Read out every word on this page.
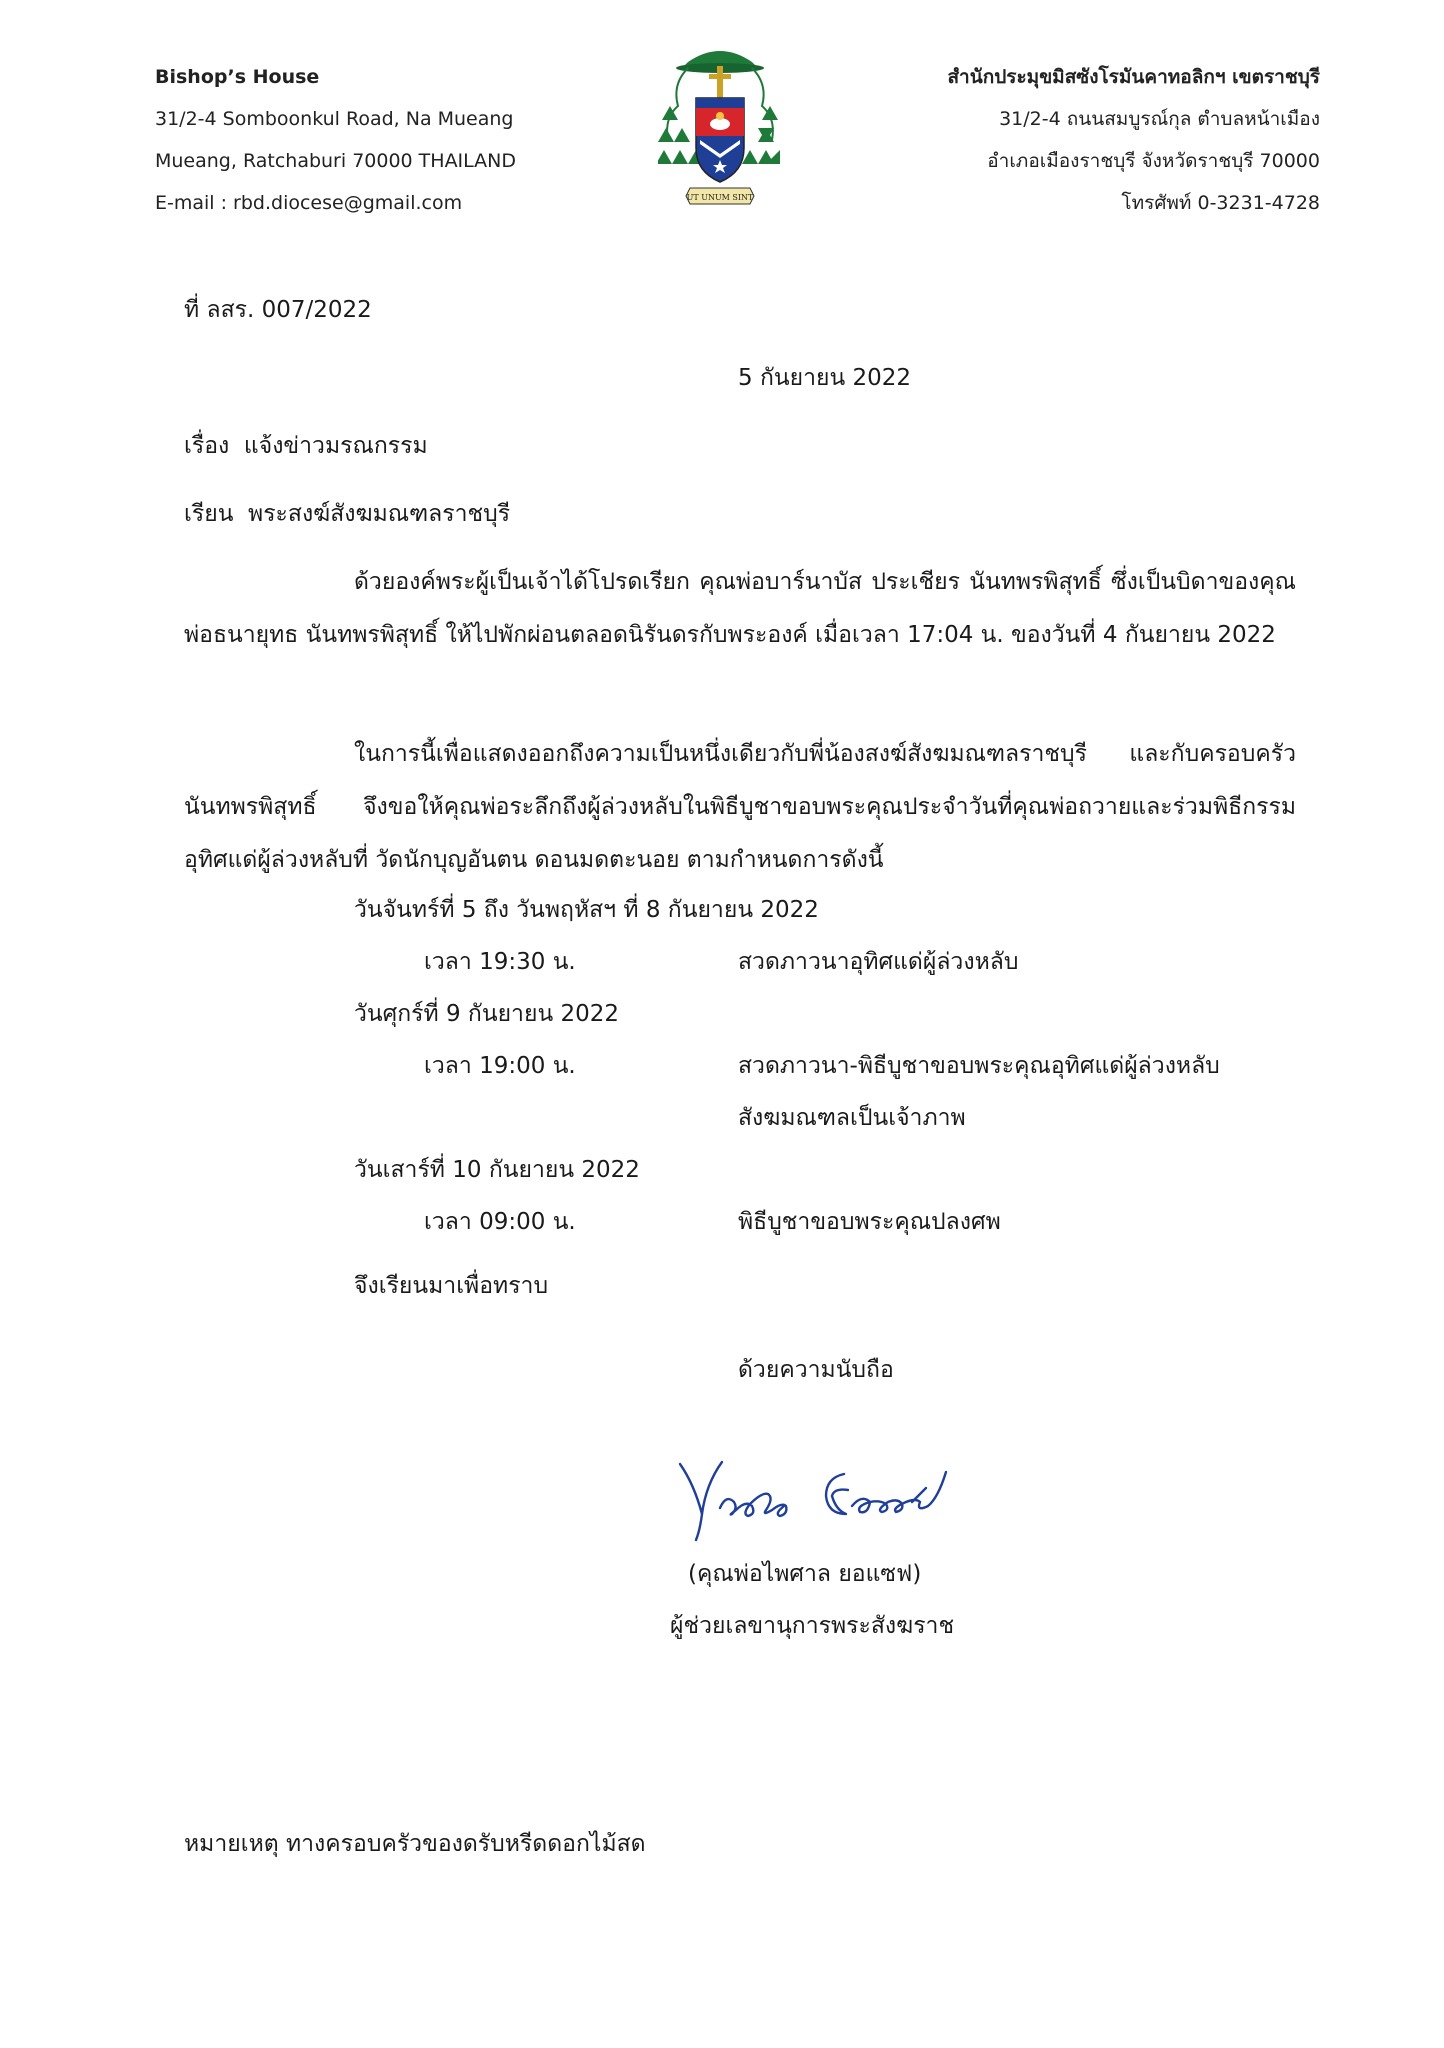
Bishop’s House
31/2-4 Somboonkul Road, Na Mueang
Mueang, Ratchaburi 70000 THAILAND
E-mail : rbd.diocese@gmail.com	UT UNUM SINT
สำนักประมุขมิสซังโรมันคาทอลิกฯ เขตราชบุรี
31/2-4 ถนนสมบูรณ์กุล ตำบลหน้าเมือง
อำเภอเมืองราชบุรี จังหวัดราชบุรี 70000
โทรศัพท์ 0-3231-4728
ที่ ลสร. 007/2022
5 กันยายน 2022
เรื่อง แจ้งข่าวมรณกรรม
เรียน พระสงฆ์สังฆมณฑลราชบุรี
ด้วยองค์พระผู้เป็นเจ้าได้โปรดเรียก คุณพ่อบาร์นาบัส ประเชียร นันทพรพิสุทธิ์ ซึ่งเป็นบิดาของคุณพ่อธนายุทธ นันทพรพิสุทธิ์ ให้ไปพักผ่อนตลอดนิรันดรกับพระองค์ เมื่อเวลา 17:04 น. ของวันที่ 4 กันยายน 2022
ในการนี้เพื่อแสดงออกถึงความเป็นหนึ่งเดียวกับพี่น้องสงฆ์สังฆมณฑลราชบุรี และกับครอบครัวนันทพรพิสุทธิ์ จึงขอให้คุณพ่อระลึกถึงผู้ล่วงหลับในพิธีบูชาขอบพระคุณประจำวันที่คุณพ่อถวายและร่วมพิธีกรรมอุทิศแด่ผู้ล่วงหลับที่ วัดนักบุญอันตน ดอนมดตะนอย ตามกำหนดการดังนี้
วันจันทร์ที่ 5 ถึง วันพฤหัสฯ ที่ 8 กันยายน 2022
เวลา 19:30 น.	สวดภาวนาอุทิศแด่ผู้ล่วงหลับ
วันศุกร์ที่ 9 กันยายน 2022
เวลา 19:00 น.	สวดภาวนา-พิธีบูชาขอบพระคุณอุทิศแด่ผู้ล่วงหลับ
สังฆมณฑลเป็นเจ้าภาพ
วันเสาร์ที่ 10 กันยายน 2022
เวลา 09:00 น.	พิธีบูชาขอบพระคุณปลงศพ
จึงเรียนมาเพื่อทราบ
ด้วยความนับถือ
(คุณพ่อไพศาล ยอแซฟ)
ผู้ช่วยเลขานุการพระสังฆราช
หมายเหตุ ทางครอบครัวของดรับหรีดดอกไม้สด
